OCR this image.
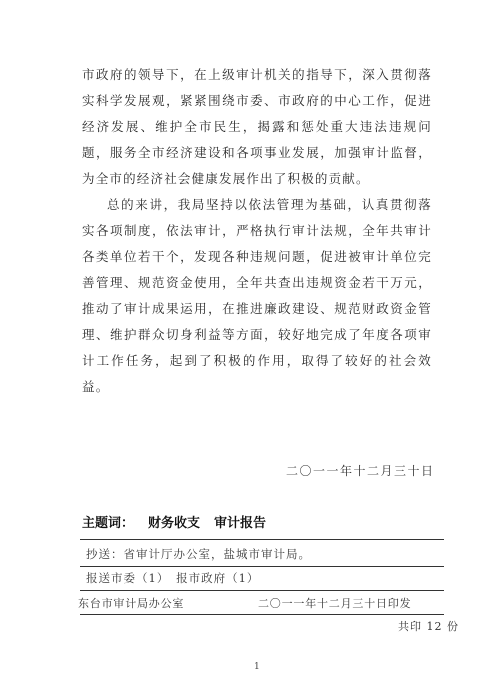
市政府的领导下，在上级审计机关的指导下，深入贯彻落实科学发展观，紧紧围绕市委、市政府的中心工作，促进经济发展、维护全市民生，揭露和惩处重大违法违规问题，服务全市经济建设和各项事业发展，加强审计监督，为全市的经济社会健康发展作出了积极的贡献。

总的来讲，我局坚持以依法管理为基础，认真贯彻落实各项制度，依法审计，严格执行审计法规，全年共审计各类单位若干个，发现各种违规问题，促进被审计单位完善管理、规范资金使用，全年共查出违规资金若干万元，推动了审计成果运用，在推进廉政建设、规范财政资金管理、维护群众切身利益等方面，较好地完成了年度各项审计工作任务，起到了积极的作用，取得了较好的社会效益。

二〇一一年十二月三十日
主题词： 财务收支 审计报告
抄送：省审计厅办公室，盐城市审计局。
报送市委（1）　报市政府（1）
东台市审计局办公室	二〇一一年十二月三十日印发
共印 12 份
1
